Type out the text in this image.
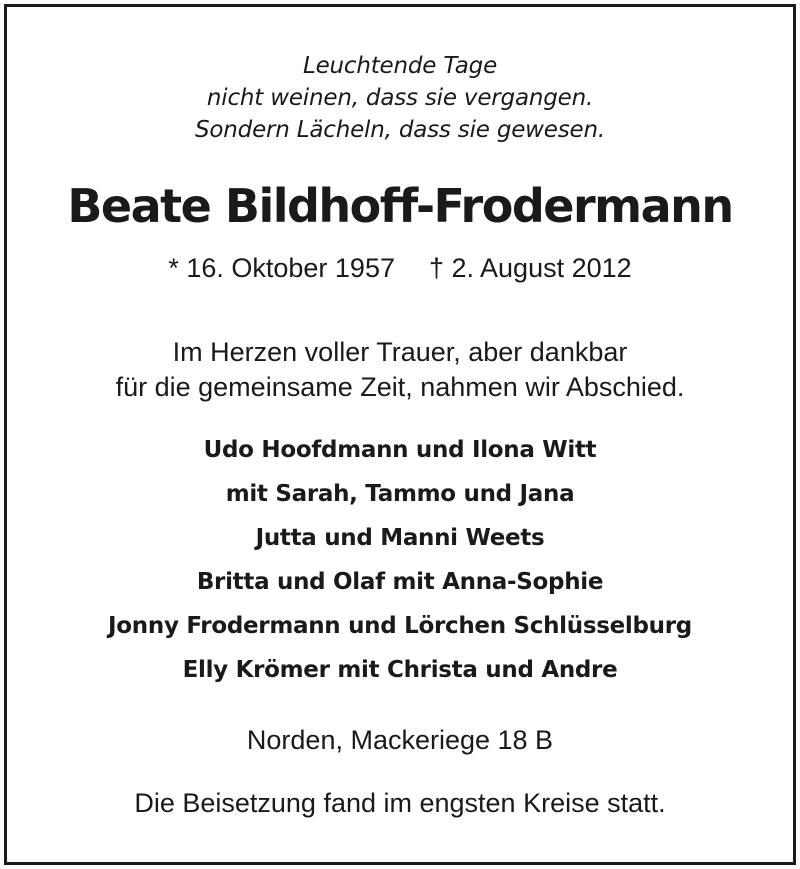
Leuchtende Tage
nicht weinen, dass sie vergangen.
Sondern Lächeln, dass sie gewesen.
Beate Bildhoff-Frodermann
* 16. Oktober 1957 † 2. August 2012
Im Herzen voller Trauer, aber dankbar
für die gemeinsame Zeit, nahmen wir Abschied.
Udo Hoofdmann und Ilona Witt
mit Sarah, Tammo und Jana
Jutta und Manni Weets
Britta und Olaf mit Anna-Sophie
Jonny Frodermann und Lörchen Schlüsselburg
Elly Krömer mit Christa und Andre
Norden, Mackeriege 18 B
Die Beisetzung fand im engsten Kreise statt.
